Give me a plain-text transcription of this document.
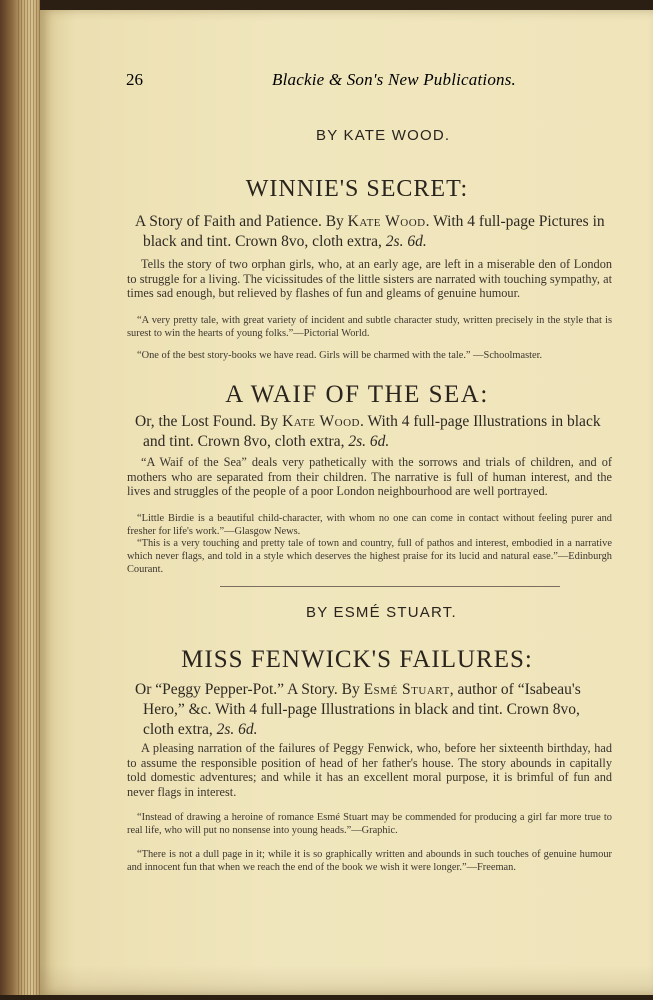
26	Blackie & Son's New Publications.
BY KATE WOOD.
WINNIE'S SECRET:
A Story of Faith and Patience. By Kate Wood. With 4 full-page Pictures in black and tint. Crown 8vo, cloth extra, 2s. 6d.
Tells the story of two orphan girls, who, at an early age, are left in a miserable den of London to struggle for a living. The vicissitudes of the little sisters are narrated with touching sympathy, at times sad enough, but relieved by flashes of fun and gleams of genuine humour.
“A very pretty tale, with great variety of incident and subtle character study, written precisely in the style that is surest to win the hearts of young folks.”—Pictorial World.
“One of the best story-books we have read. Girls will be charmed with the tale.” —Schoolmaster.
A WAIF OF THE SEA:
Or, the Lost Found. By Kate Wood. With 4 full-page Illustrations in black and tint. Crown 8vo, cloth extra, 2s. 6d.
“A Waif of the Sea” deals very pathetically with the sorrows and trials of children, and of mothers who are separated from their children. The narrative is full of human interest, and the lives and struggles of the people of a poor London neighbourhood are well portrayed.
“Little Birdie is a beautiful child-character, with whom no one can come in contact without feeling purer and fresher for life's work.”—Glasgow News.
“This is a very touching and pretty tale of town and country, full of pathos and interest, embodied in a narrative which never flags, and told in a style which deserves the highest praise for its lucid and natural ease.”—Edinburgh Courant.
BY ESMÉ STUART.
MISS FENWICK'S FAILURES:
Or “Peggy Pepper-Pot.” A Story. By Esmé Stuart, author of “Isabeau's Hero,” &c. With 4 full-page Illustrations in black and tint. Crown 8vo, cloth extra, 2s. 6d.
A pleasing narration of the failures of Peggy Fenwick, who, before her sixteenth birthday, had to assume the responsible position of head of her father's house. The story abounds in capitally told domestic adventures; and while it has an excellent moral purpose, it is brimful of fun and never flags in interest.
“Instead of drawing a heroine of romance Esmé Stuart may be commended for producing a girl far more true to real life, who will put no nonsense into young heads.”—Graphic.
“There is not a dull page in it; while it is so graphically written and abounds in such touches of genuine humour and innocent fun that when we reach the end of the book we wish it were longer.”—Freeman.
